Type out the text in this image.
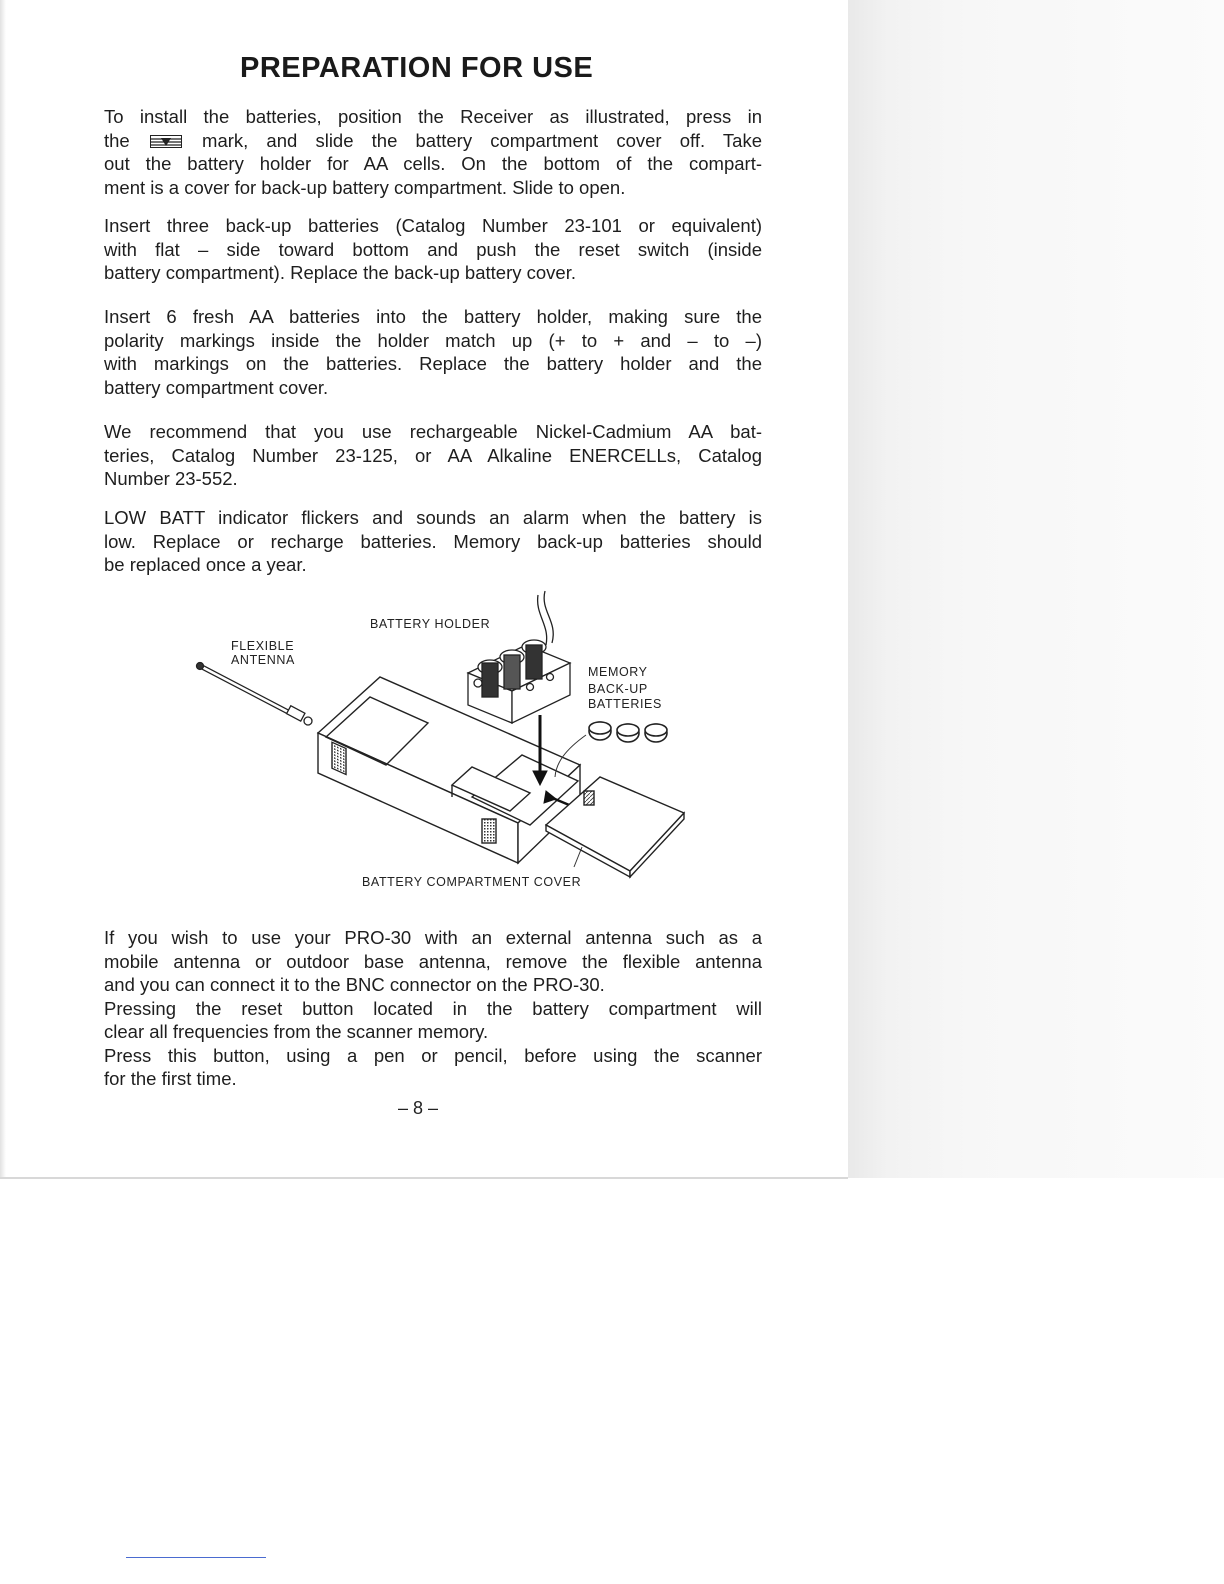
PREPARATION FOR USE
To install the batteries, position the Receiver as illustrated, press in
the	mark, and slide the battery compartment cover off. Take
out the battery holder for AA cells. On the bottom of the compart-
ment is a cover for back-up battery compartment. Slide to open.
Insert three back-up batteries (Catalog Number 23-101 or equivalent)
with flat – side toward bottom and push the reset switch (inside
battery compartment). Replace the back-up battery cover.
Insert 6 fresh AA batteries into the battery holder, making sure the
polarity markings inside the holder match up (+ to + and – to –)
with markings on the batteries. Replace the battery holder and the
battery compartment cover.
We recommend that you use rechargeable Nickel-Cadmium AA bat-
teries, Catalog Number 23-125, or AA Alkaline ENERCELLs, Catalog
Number 23-552.
LOW BATT indicator flickers and sounds an alarm when the battery is
low. Replace or recharge batteries. Memory back-up batteries should
be replaced once a year.
BATTERY HOLDER
FLEXIBLE
ANTENNA
MEMORY
BACK-UP
BATTERIES
BATTERY COMPARTMENT COVER
If you wish to use your PRO-30 with an external antenna such as a
mobile antenna or outdoor base antenna, remove the flexible antenna
and you can connect it to the BNC connector on the PRO-30.
Pressing the reset button located in the battery compartment will
clear all frequencies from the scanner memory.
Press this button, using a pen or pencil, before using the scanner
for the first time.
– 8 –
